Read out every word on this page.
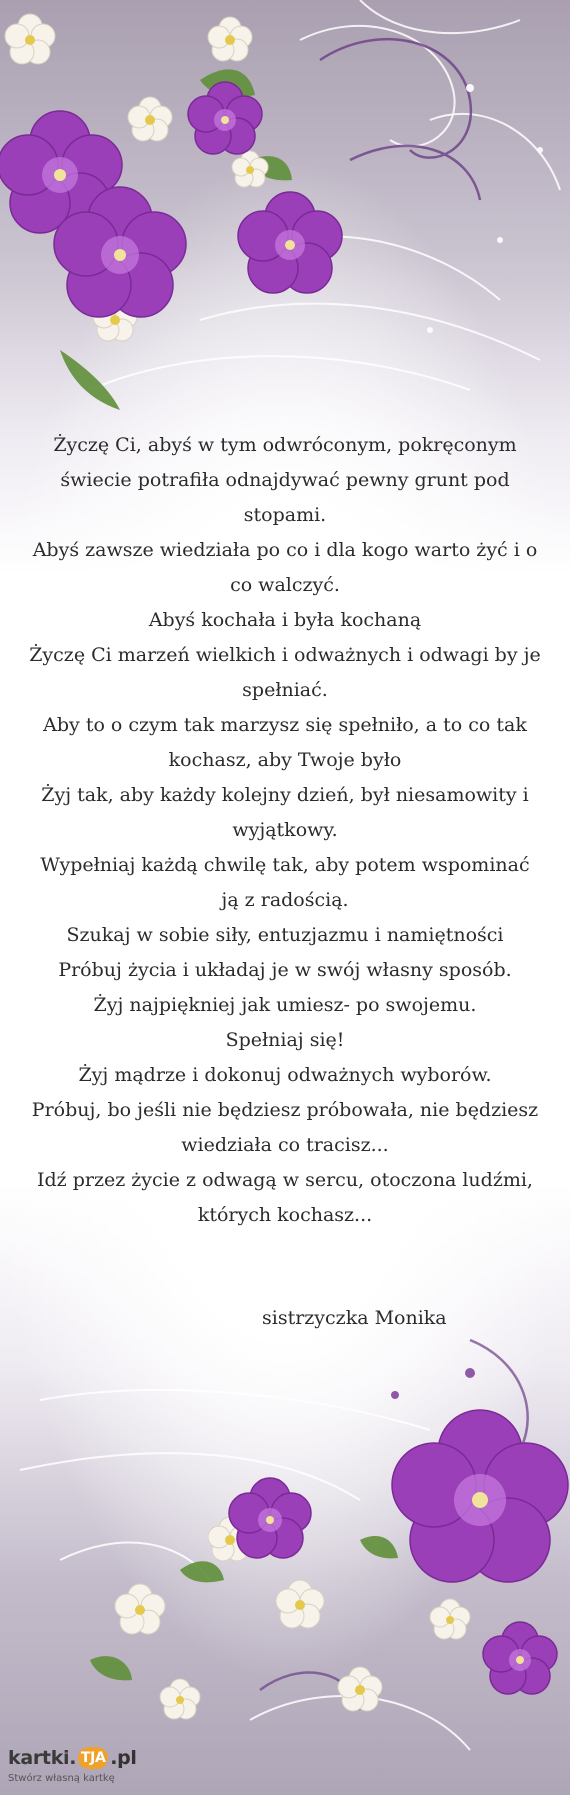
Życzę Ci, abyś w tym odwróconym, pokręconym
świecie potrafiła odnajdywać pewny grunt pod
stopami.
Abyś zawsze wiedziała po co i dla kogo warto żyć i o
co walczyć.
Abyś kochała i była kochaną
Życzę Ci marzeń wielkich i odważnych i odwagi by je
spełniać.
Aby to o czym tak marzysz się spełniło, a to co tak
kochasz, aby Twoje było
Żyj tak, aby każdy kolejny dzień, był niesamowity i
wyjątkowy.
Wypełniaj każdą chwilę tak, aby potem wspominać
ją z radością.
Szukaj w sobie siły, entuzjazmu i namiętności
Próbuj życia i układaj je w swój własny sposób.
Żyj najpiękniej jak umiesz- po swojemu.
Spełniaj się!
Żyj mądrze i dokonuj odważnych wyborów.
Próbuj, bo jeśli nie będziesz próbowała, nie będziesz
wiedziała co tracisz...
Idź przez życie z odwagą w sercu, otoczona ludźmi,
których kochasz...
sistrzyczka Monika
kartki. TJA .pl
Stwórz własną kartkę
